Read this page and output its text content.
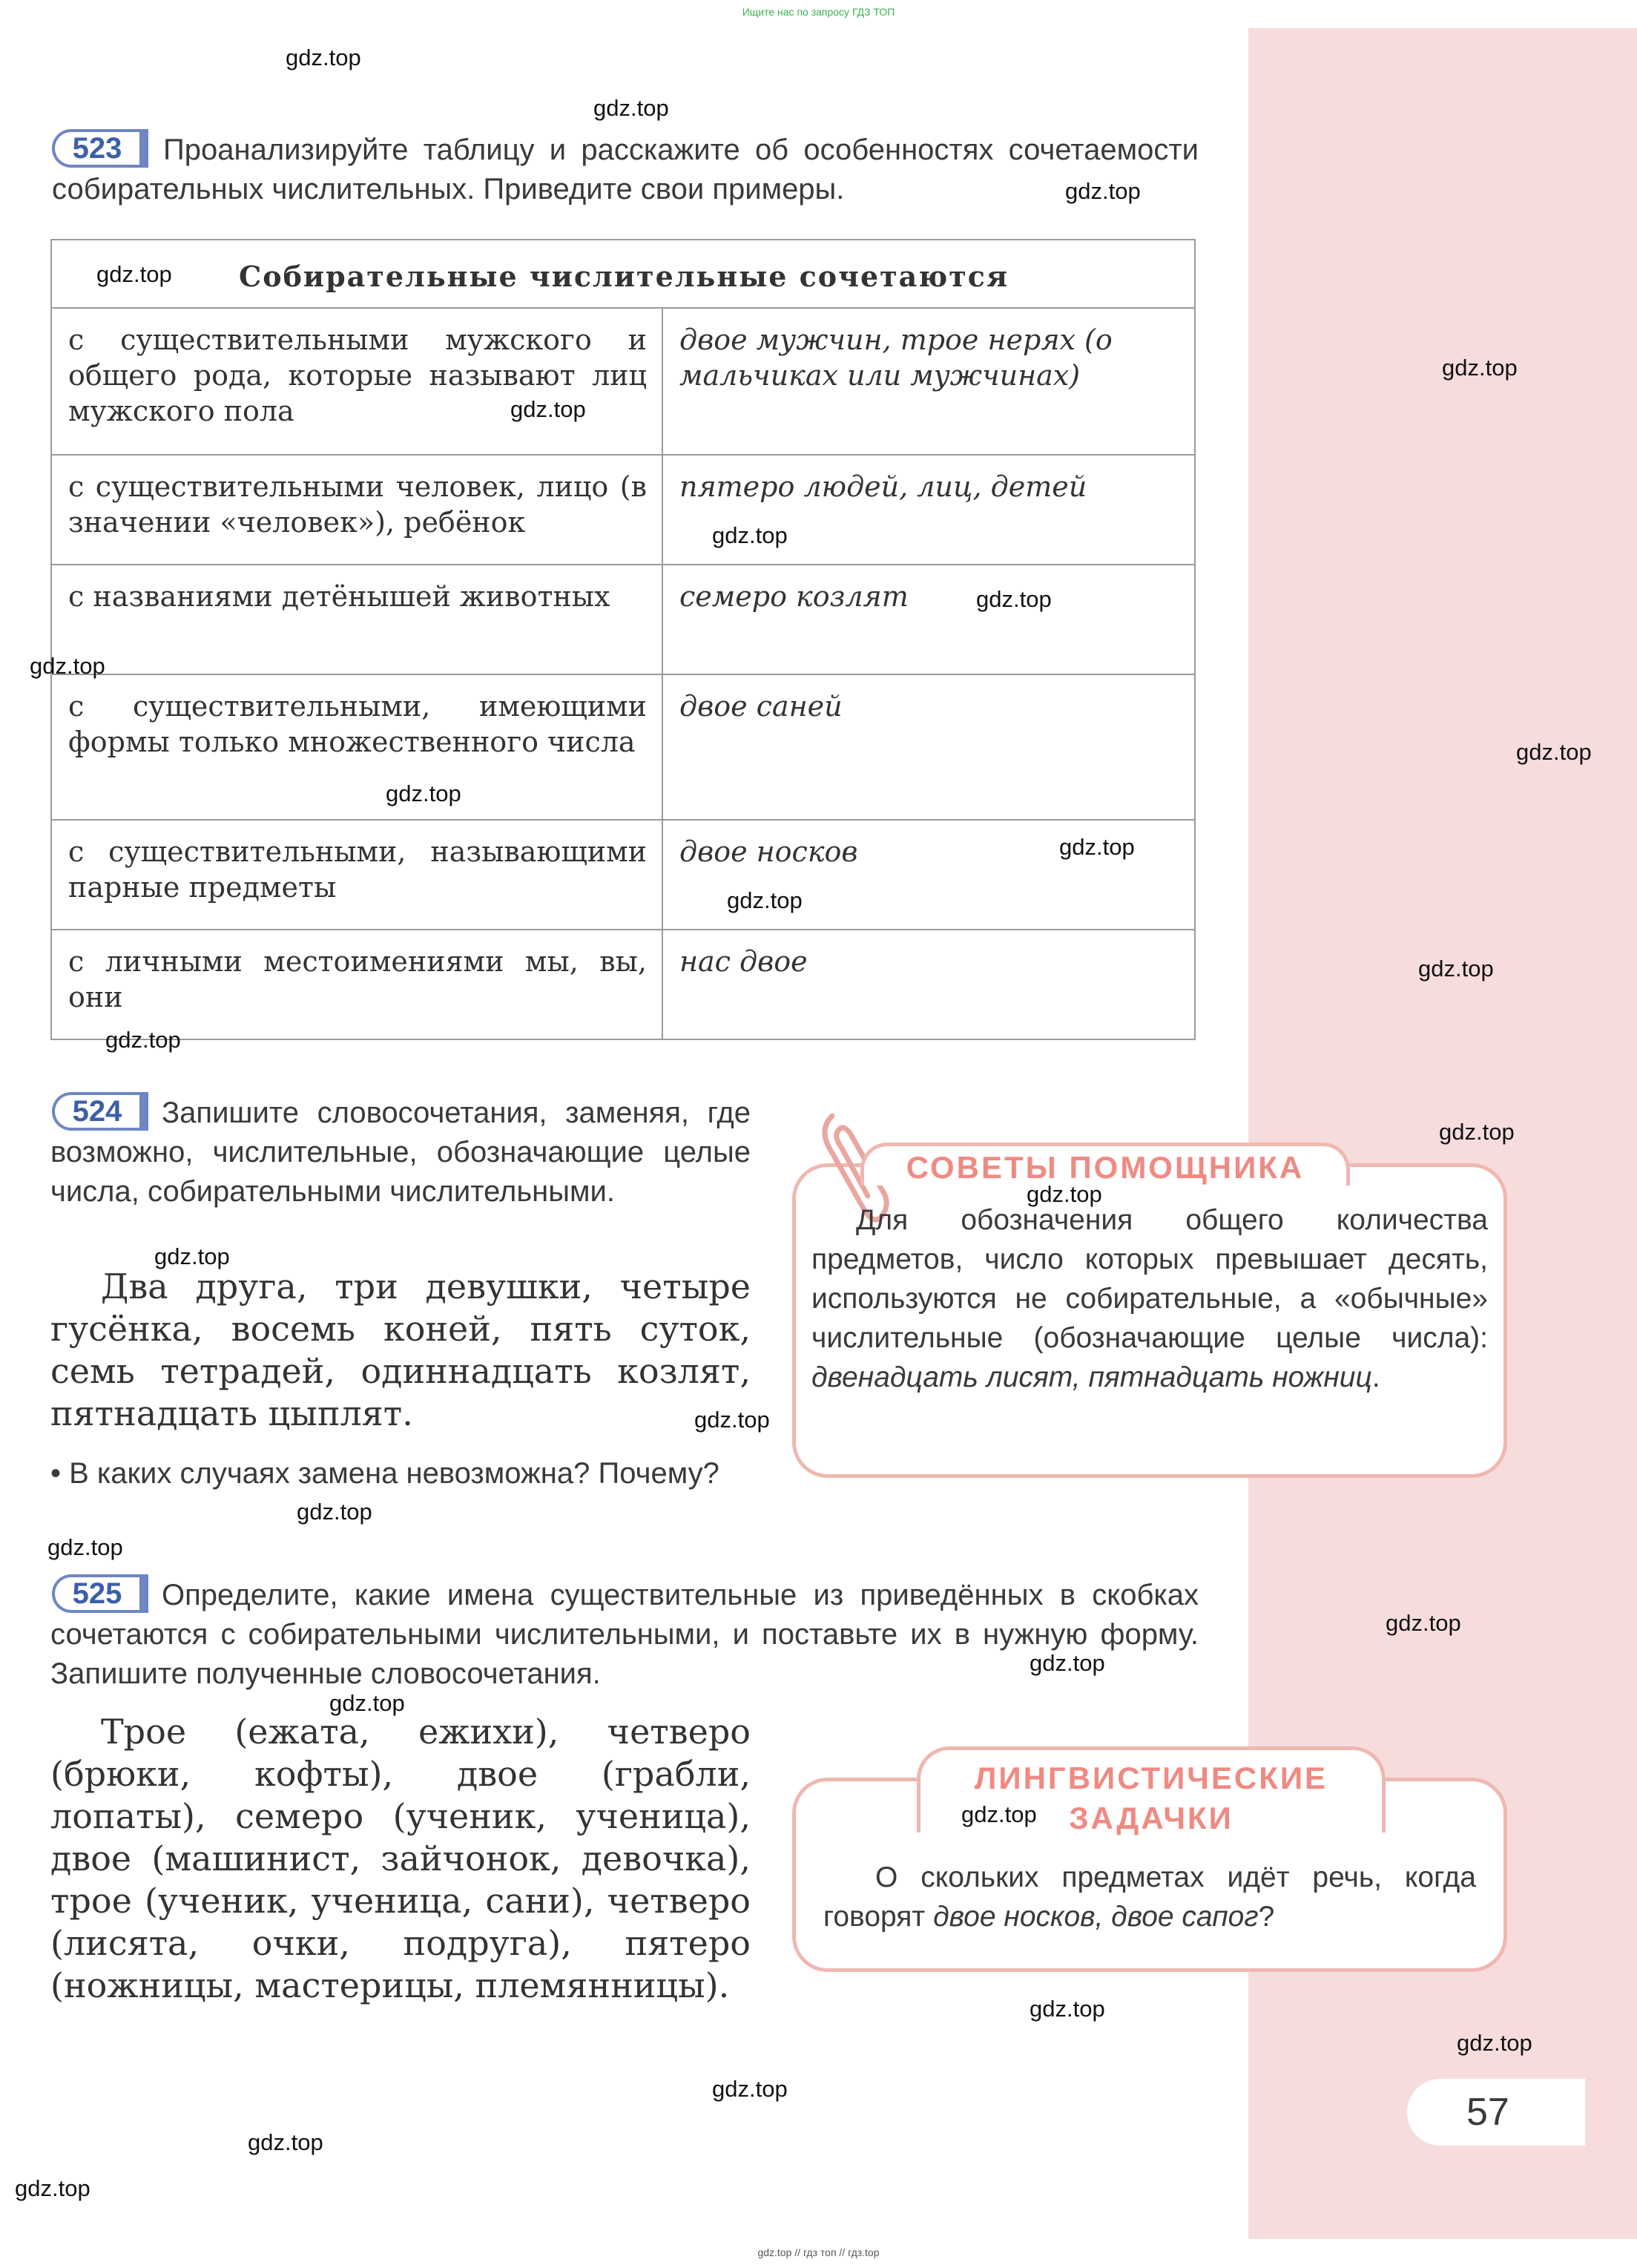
Ищите нас по запросу ГДЗ ТОП
523	Проанализируйте таблицу и расскажите об особенностях сочетаемости собирательных числительных. Приведите свои примеры.
Собирательные числительные сочетаются	
с существительными мужского и общего рода, которые называют лиц мужского пола	двое мужчин, трое нерях (о мальчиках или мужчинах)
с существительными человек, лицо (в значении «человек»), ребёнок	пятеро людей, лиц, детей
с названиями детёнышей животных	семеро козлят
с существительными, имеющими формы только множественного числа	двое саней
с существительными, называющими парные предметы	двое носков
с личными местоимениями мы, вы, они	нас двое
524	Запишите словосочетания, заменяя, где возможно, числительные, обозначающие целые числа, собирательными числительными.
Два друга, три девушки, четыре гусёнка, восемь коней, пять суток, семь тетрадей, одиннадцать козлят, пятнадцать цыплят.
• В каких случаях замена невозможна? Почему?
СОВЕТЫ ПОМОЩНИКА
Для обозначения общего количества предметов, число которых превышает десять, используются не собирательные, а «обычные» числительные (обозначающие целые числа): двенадцать лисят, пятнадцать ножниц.
525	Определите, какие имена существительные из приведённых в скобках сочетаются с собирательными числительными, и поставьте их в нужную форму. Запишите полученные словосочетания.
Трое (ежата, ежихи), четверо (брюки, кофты), двое (грабли, лопаты), семеро (ученик, ученица), двое (машинист, зайчонок, девочка), трое (ученик, ученица, сани), четверо (лисята, очки, подруга), пятеро (ножницы, мастерицы, племянницы).
ЛИНГВИСТИЧЕСКИЕ
ЗАДАЧКИ
О скольких предметах идёт речь, когда говорят двое носков, двое сапог?
57
gdz.top
gdz.top
gdz.top
gdz.top
gdz.top
gdz.top
gdz.top
gdz.top
gdz.top
gdz.top
gdz.top
gdz.top
gdz.top
gdz.top
gdz.top
gdz.top
gdz.top
gdz.top
gdz.top
gdz.top
gdz.top
gdz.top
gdz.top
gdz.top
gdz.top
gdz.top
gdz.top
gdz.top
gdz.top
gdz.top
gdz.top // гдз топ // гдз.top
